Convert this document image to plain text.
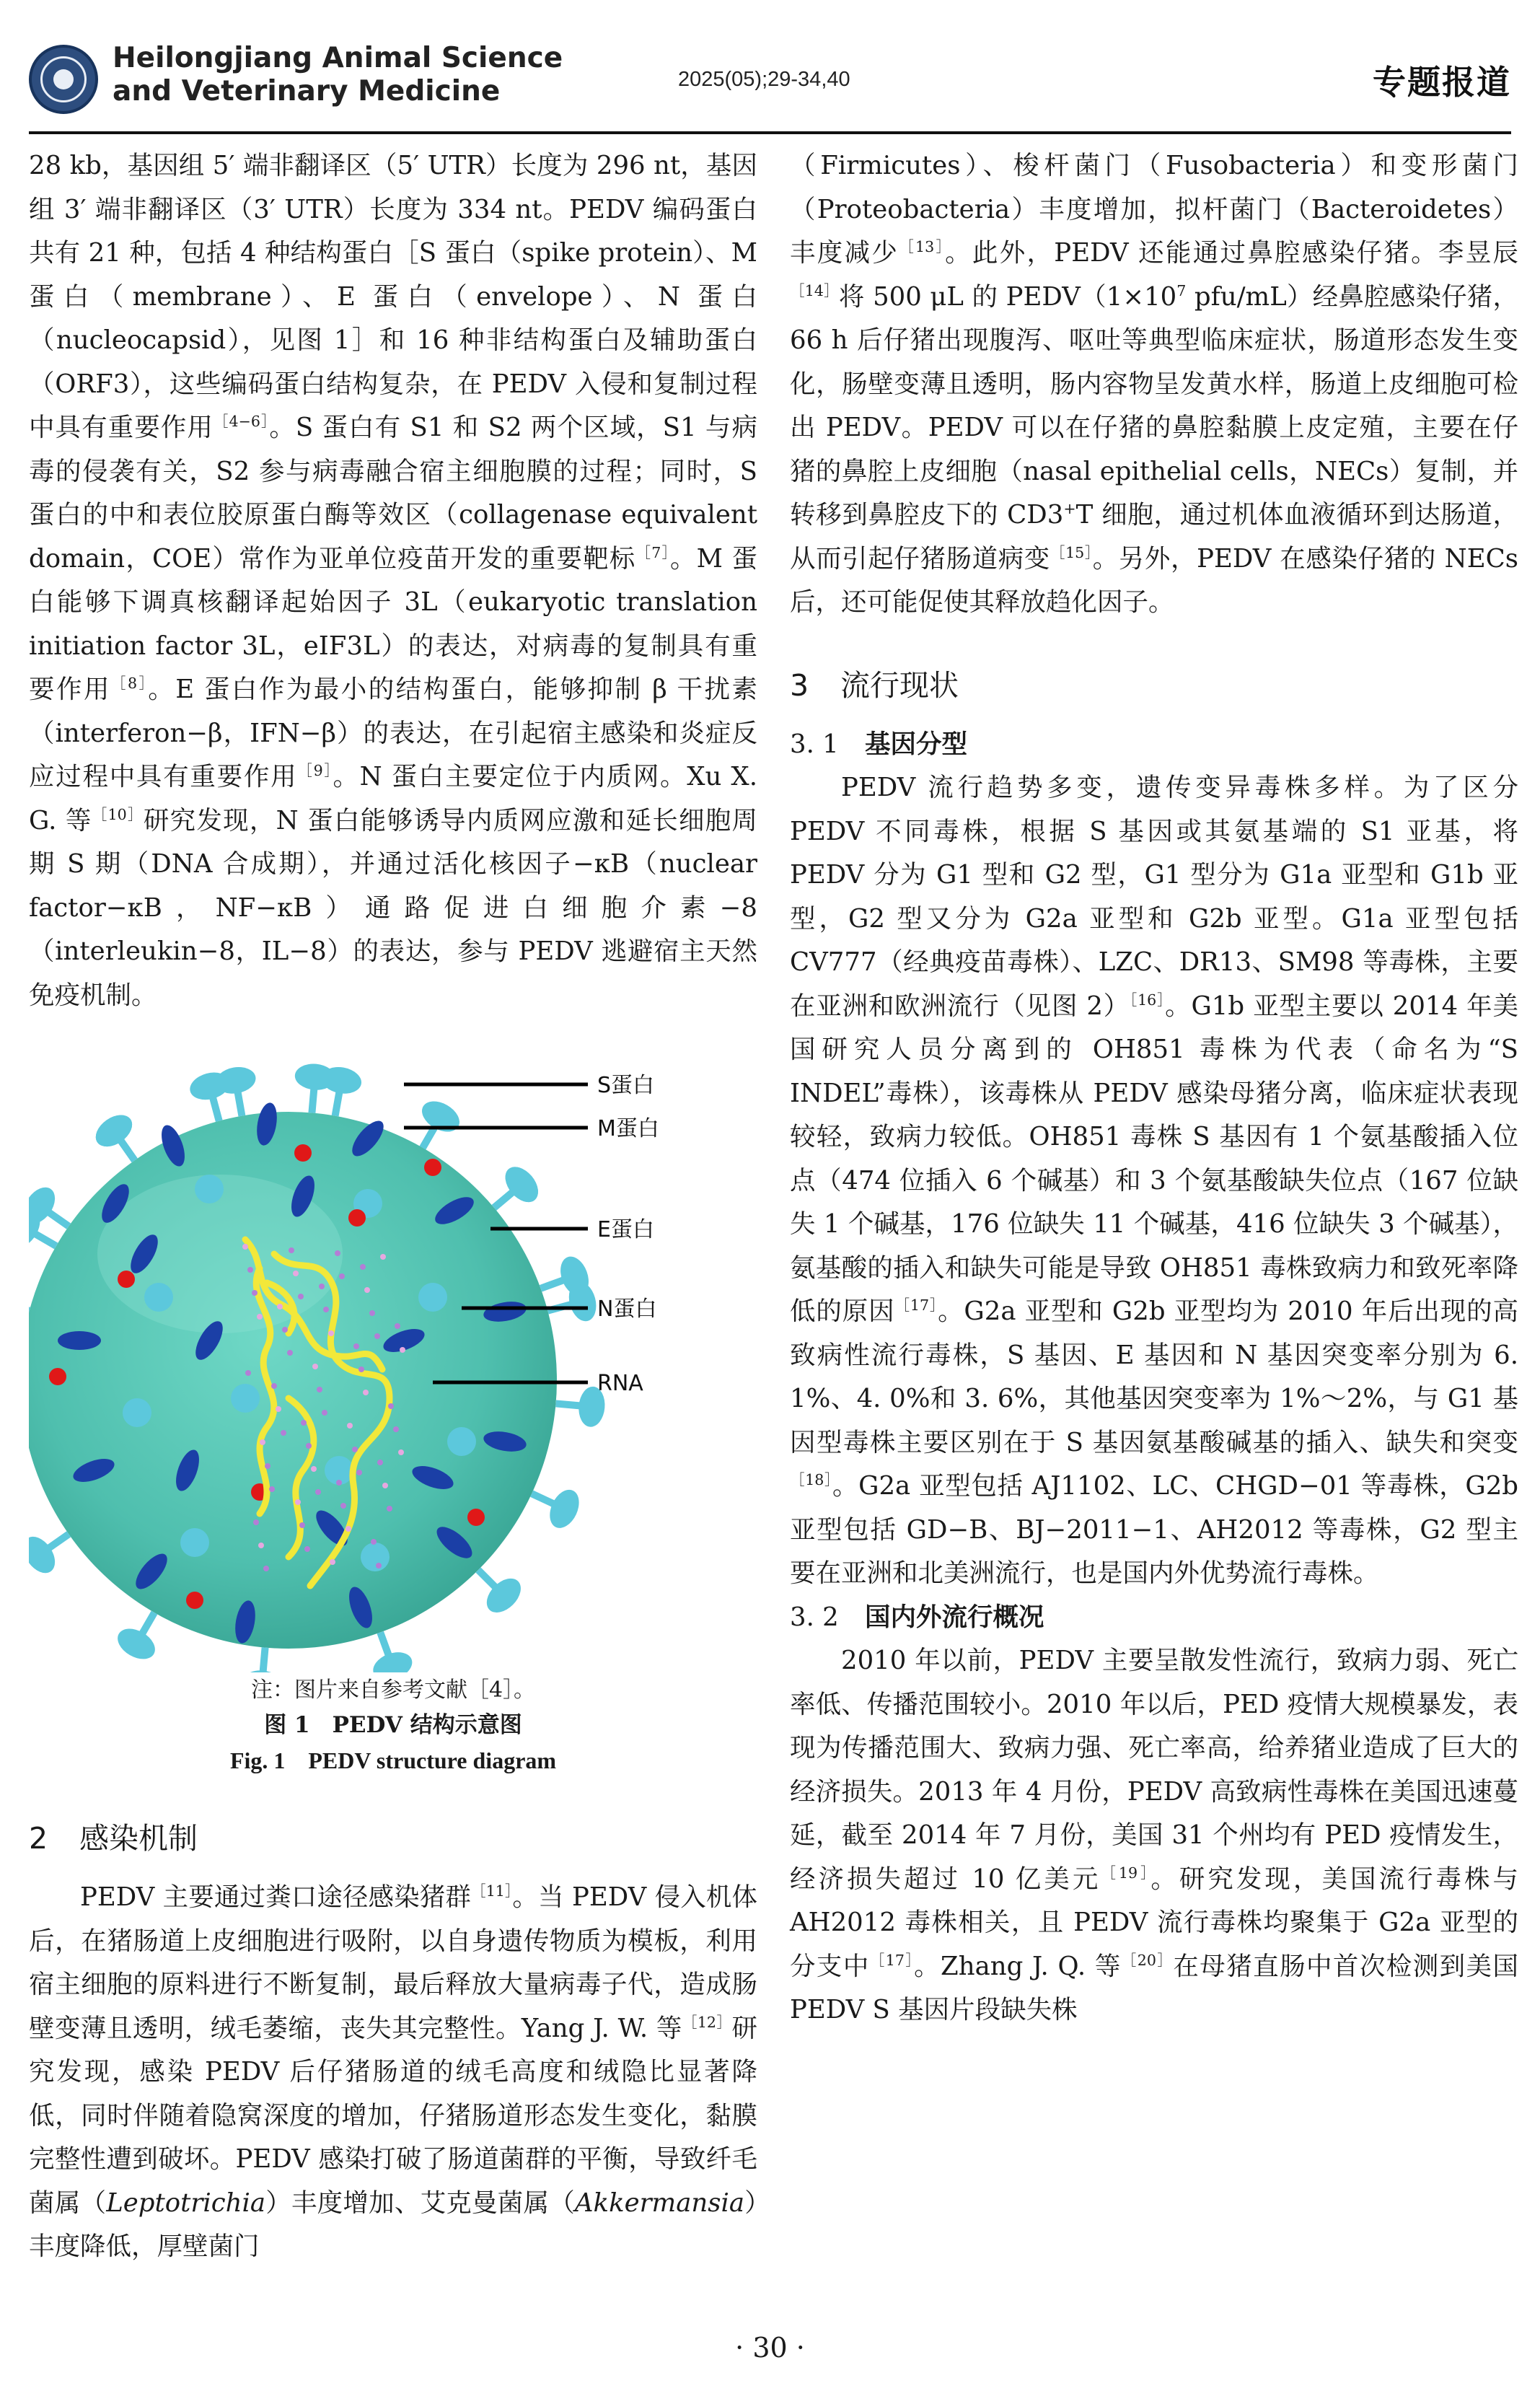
Heilongjiang Animal Science
and Veterinary Medicine	2025(05);29-34,40	专题报道

28 kb，基因组 5′ 端非翻译区（5′ UTR）长度为 296 nt，基因组 3′ 端非翻译区（3′ UTR）长度为 334 nt。PEDV 编码蛋白共有 21 种，包括 4 种结构蛋白［S 蛋白（spike protein）、M 蛋白（membrane）、E 蛋白（envelope）、N 蛋白（nucleocapsid），见图 1］和 16 种非结构蛋白及辅助蛋白（ORF3），这些编码蛋白结构复杂，在 PEDV 入侵和复制过程中具有重要作用$^{[4-6]}$。S 蛋白有 S1 和 S2 两个区域，S1 与病毒的侵袭有关，S2 参与病毒融合宿主细胞膜的过程；同时，S 蛋白的中和表位胶原蛋白酶等效区（collagenase equivalent domain，COE）常作为亚单位疫苗开发的重要靶标$^{[7]}$。M 蛋白能够下调真核翻译起始因子 3L（eukaryotic translation initiation factor 3L，eIF3L）的表达，对病毒的复制具有重要作用$^{[8]}$。E 蛋白作为最小的结构蛋白，能够抑制 β 干扰素（interferon−β，IFN−β）的表达，在引起宿主感染和炎症反应过程中具有重要作用$^{[9]}$。N 蛋白主要定位于内质网。Xu X. G. 等$^{[10]}$研究发现，N 蛋白能够诱导内质网应激和延长细胞周期 S 期（DNA 合成期），并通过活化核因子−κB（nuclear factor−κB，NF−κB）通路促进白细胞介素−8（interleukin−8，IL−8）的表达，参与 PEDV 逃避宿主天然免疫机制。

S蛋白
M蛋白
E蛋白
N蛋白
RNA
注：图片来自参考文献［4］。
图 1　PEDV 结构示意图
Fig. 1　PEDV structure diagram
2 感染机制

PEDV 主要通过粪口途径感染猪群$^{[11]}$。当 PEDV 侵入机体后，在猪肠道上皮细胞进行吸附，以自身遗传物质为模板，利用宿主细胞的原料进行不断复制，最后释放大量病毒子代，造成肠壁变薄且透明，绒毛萎缩，丧失其完整性。Yang J. W. 等$^{[12]}$研究发现，感染 PEDV 后仔猪肠道的绒毛高度和绒隐比显著降低，同时伴随着隐窝深度的增加，仔猪肠道形态发生变化，黏膜完整性遭到破坏。PEDV 感染打破了肠道菌群的平衡，导致纤毛菌属（Leptotrichia）丰度增加、艾克曼菌属（Akkermansia）丰度降低，厚壁菌门

（Firmicutes）、梭杆菌门（Fusobacteria）和变形菌门（Proteobacteria）丰度增加，拟杆菌门（Bacteroidetes）丰度减少$^{[13]}$。此外，PEDV 还能通过鼻腔感染仔猪。李昱辰$^{[14]}$将 500 μL 的 $PEDV(1\times 10^7$ pfu/mL）经鼻腔感染仔猪，66 h 后仔猪出现腹泻、呕吐等典型临床症状，肠道形态发生变化，肠壁变薄且透明，肠内容物呈发黄水样，肠道上皮细胞可检出 PEDV。PEDV 可以在仔猪的鼻腔黏膜上皮定殖，主要在仔猪的鼻腔上皮细胞（nasal epithelial cells，NECs）复制，并转移到鼻腔皮下的 CD3+T 细胞，通过机体血液循环到达肠道，从而引起仔猪肠道病变$^{[15]}$。另外，PEDV 在感染仔猪的 NECs 后，还可能促使其释放趋化因子。

3 流行现状
3. 1 基因分型

PEDV 流行趋势多变，遗传变异毒株多样。为了区分 PEDV 不同毒株，根据 S 基因或其氨基端的 S1 亚基，将 PEDV 分为 G1 型和 G2 型，G1 型分为 G1a 亚型和 G1b 亚型，G2 型又分为 G2a 亚型和 G2b 亚型。G1a 亚型包括 CV777（经典疫苗毒株）、LZC、DR13、SM98 等毒株，主要在亚洲和欧洲流行（见图 2）$^{[16]}$。G1b 亚型主要以 2014 年美国研究人员分离到的 OH851 毒株为代表（命名为“S INDEL”毒株），该毒株从 PEDV 感染母猪分离，临床症状表现较轻，致病力较低。OH851 毒株 S 基因有 1 个氨基酸插入位点（474 位插入 6 个碱基）和 3 个氨基酸缺失位点（167 位缺失 1 个碱基，176 位缺失 11 个碱基，416 位缺失 3 个碱基），氨基酸的插入和缺失可能是导致 OH851 毒株致病力和致死率降低的原因$^{[17]}$。G2a 亚型和 G2b 亚型均为 2010 年后出现的高致病性流行毒株，S 基因、E 基因和 N 基因突变率分别为 6. 1%、4. 0%和 3. 6%，其他基因突变率为 1%～2%，与 G1 基因型毒株主要区别在于 S 基因氨基酸碱基的插入、缺失和突变$^{[18]}$。G2a 亚型包括 AJ1102、LC、CHGD−01 等毒株，G2b 亚型包括 GD−B、BJ−2011−1、AH2012 等毒株，G2 型主要在亚洲和北美洲流行，也是国内外优势流行毒株。

3. 2 国内外流行概况

2010 年以前，PEDV 主要呈散发性流行，致病力弱、死亡率低、传播范围较小。2010 年以后，PED 疫情大规模暴发，表现为传播范围大、致病力强、死亡率高，给养猪业造成了巨大的经济损失。2013 年 4 月份，PEDV 高致病性毒株在美国迅速蔓延，截至 2014 年 7 月份，美国 31 个州均有 PED 疫情发生，经济损失超过 10 亿美元$^{[19]}$。研究发现，美国流行毒株与 AH2012 毒株相关，且 PEDV 流行毒株均聚集于 G2a 亚型的分支中$^{[17]}$。Zhang J. Q. 等$^{[20]}$在母猪直肠中首次检测到美国 PEDV S 基因片段缺失株

· 30 ·
